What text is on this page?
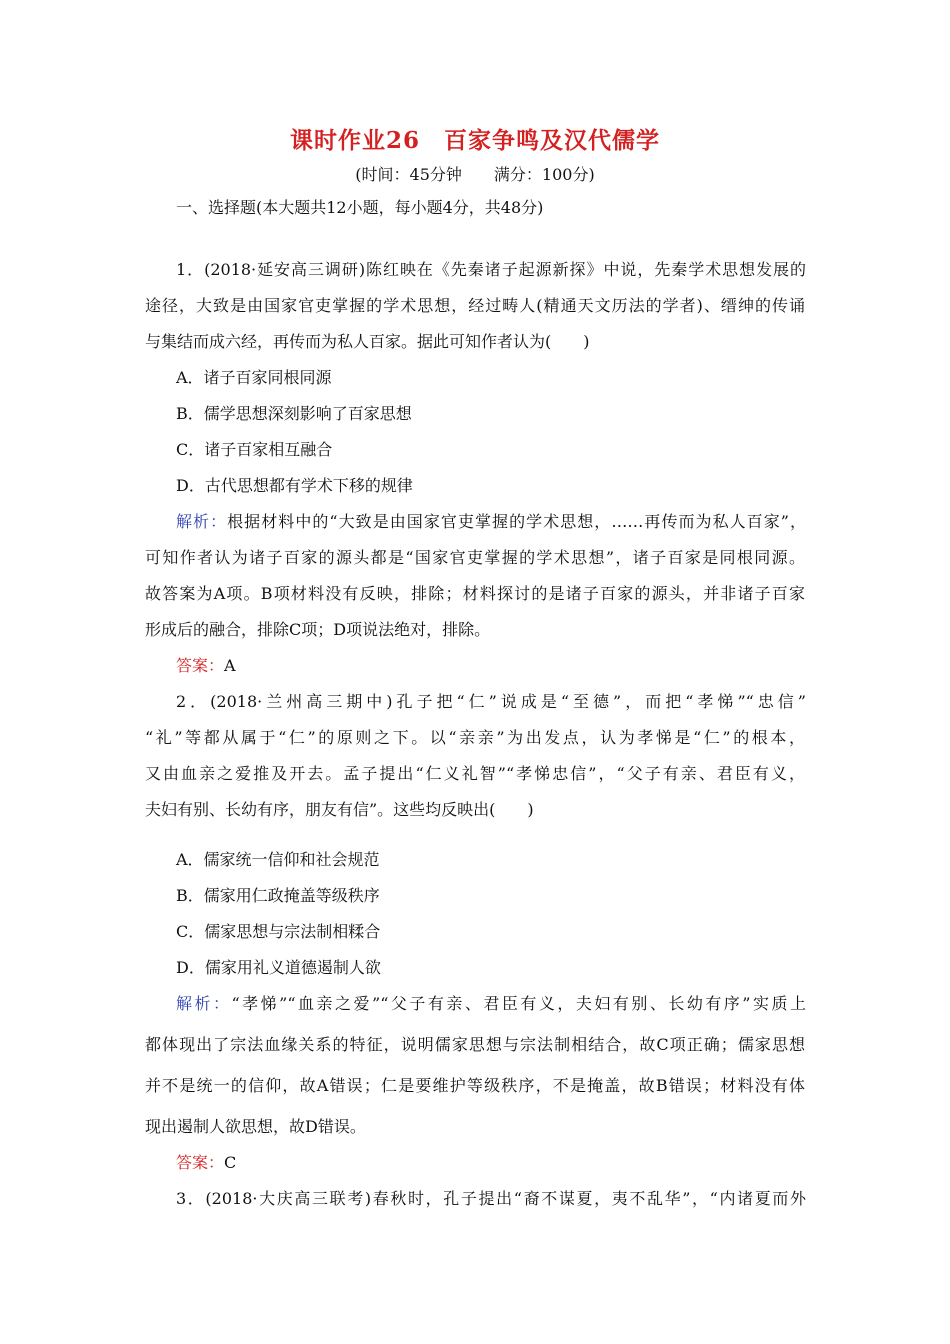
课时作业26　百家争鸣及汉代儒学
(时间：45分钟　　满分：100分)
一、选择题(本大题共12小题，每小题4分，共48分)
1．(2018·延安高三调研)陈红映在《先秦诸子起源新探》中说，先秦学术思想发展的
途径，大致是由国家官吏掌握的学术思想，经过畴人(精通天文历法的学者)、缙绅的传诵
与集结而成六经，再传而为私人百家。据此可知作者认为(　　)
A．诸子百家同根同源
B．儒学思想深刻影响了百家思想
C．诸子百家相互融合
D．古代思想都有学术下移的规律
解析：根据材料中的“大致是由国家官吏掌握的学术思想，……再传而为私人百家”，
可知作者认为诸子百家的源头都是“国家官吏掌握的学术思想”，诸子百家是同根同源。
故答案为A项。B项材料没有反映，排除；材料探讨的是诸子百家的源头，并非诸子百家
形成后的融合，排除C项；D项说法绝对，排除。
答案：A
2．(2018·兰州高三期中)孔子把“仁”说成是“至德”，而把“孝悌”“忠信”
“礼”等都从属于“仁”的原则之下。以“亲亲”为出发点，认为孝悌是“仁”的根本，
又由血亲之爱推及开去。孟子提出“仁义礼智”“孝悌忠信”，“父子有亲、君臣有义，
夫妇有别、长幼有序，朋友有信”。这些均反映出(　　)
A．儒家统一信仰和社会规范
B．儒家用仁政掩盖等级秩序
C．儒家思想与宗法制相糅合
D．儒家用礼义道德遏制人欲
解析：“孝悌”“血亲之爱”“父子有亲、君臣有义，夫妇有别、长幼有序”实质上
都体现出了宗法血缘关系的特征，说明儒家思想与宗法制相结合，故C项正确；儒家思想
并不是统一的信仰，故A错误；仁是要维护等级秩序，不是掩盖，故B错误；材料没有体
现出遏制人欲思想，故D错误。
答案：C
3．(2018·大庆高三联考)春秋时，孔子提出“裔不谋夏，夷不乱华”，“内诸夏而外
